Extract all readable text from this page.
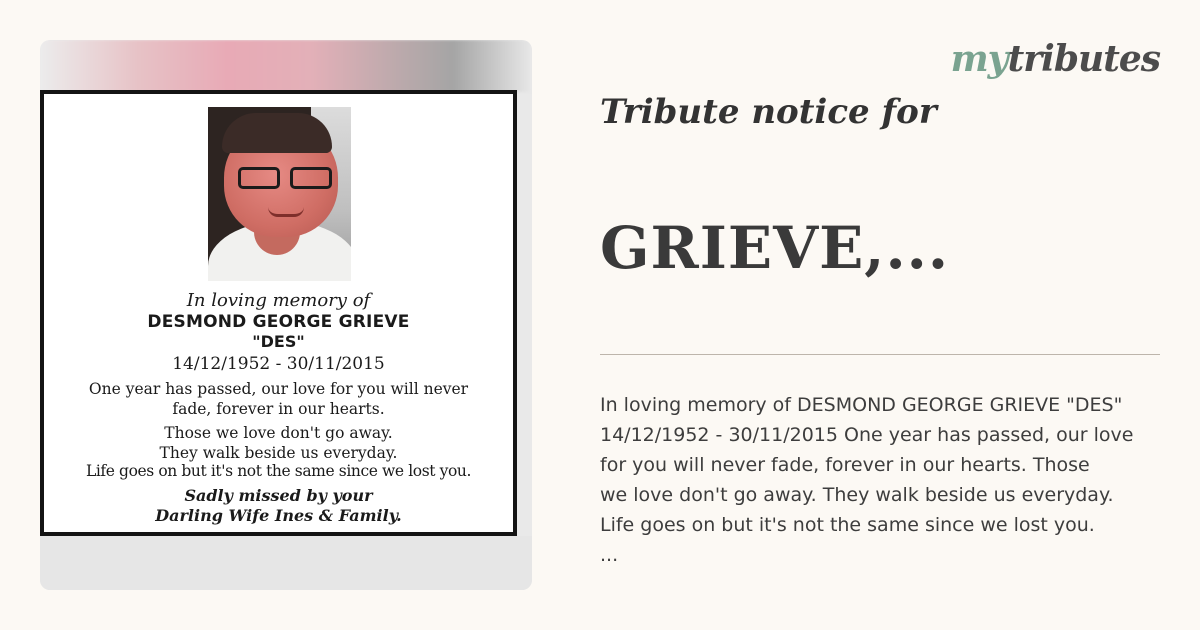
mytributes
In loving memory of
DESMOND GEORGE GRIEVE
"DES"
14/12/1952 - 30/11/2015
One year has passed, our love for you will never
fade, forever in our hearts.
Those we love don't go away.
They walk beside us everyday.
Life goes on but it's not the same since we lost you.
Sadly missed by your
Darling Wife Ines & Family.
Tribute notice for
GRIEVE,...
In loving memory of DESMOND GEORGE GRIEVE "DES"
14/12/1952 - 30/11/2015 One year has passed, our love
for you will never fade, forever in our hearts. Those
we love don't go away. They walk beside us everyday.
Life goes on but it's not the same since we lost you.
...
